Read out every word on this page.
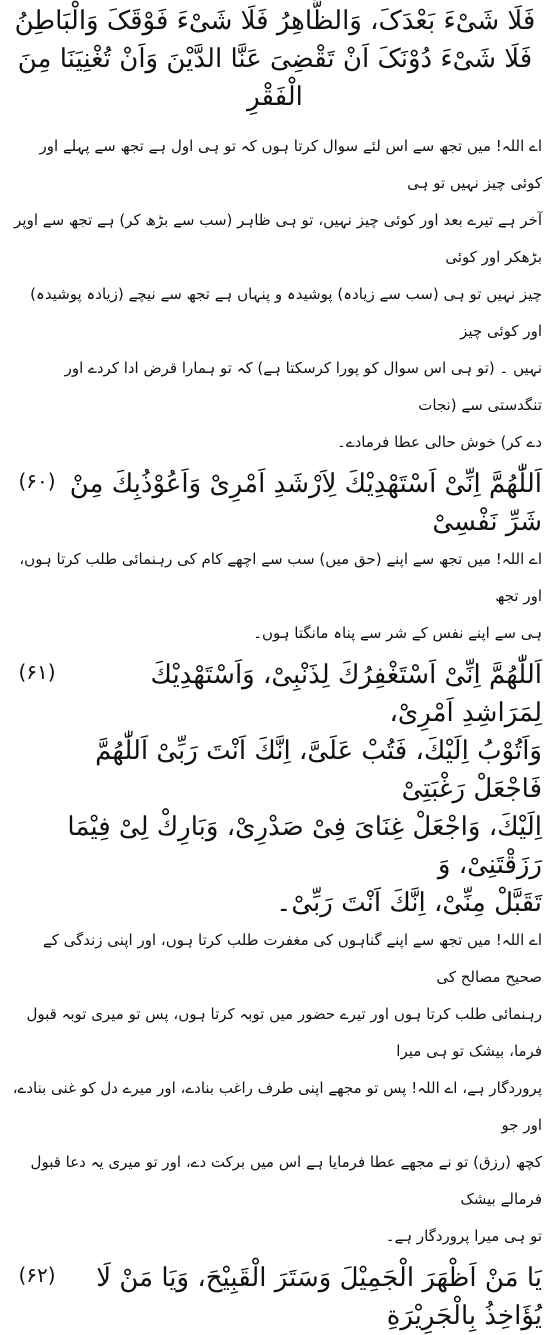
فَلَا شَیْءَ بَعْدَکَ، وَالظَّاهِرُ فَلَا شَیْءَ فَوْقَکَ وَالْبَاطِنُ

فَلَا شَیْءَ دُوْنَکَ اَنْ تَقْضِیَ عَنَّا الدَّیْنَ وَاَنْ تُغْنِیَنَا مِنَ الْفَقْرِ

اے اللہ! میں تجھ سے اس لئے سوال کرتا ہوں کہ تو ہی اول ہے تجھ سے پہلے اور کوئی چیز نہیں تو ہی

آخر ہے تیرے بعد اور کوئی چیز نہیں، تو ہی ظاہر (سب سے بڑھ کر) ہے تجھ سے اوپر بڑھکر اور کوئی

چیز نہیں تو ہی (سب سے زیادہ) پوشیدہ و پنہاں ہے تجھ سے نیچے (زیادہ پوشیدہ) اور کوئی چیز

نہیں ۔ (تو ہی اس سوال کو پورا کرسکتا ہے) کہ تو ہمارا قرض ادا کردے اور تنگدستی سے (نجات

دے کر) خوش حالی عطا فرمادے۔

اَللّٰهُمَّ اِنِّیْ اَسْتَهْدِیْكَ لِاَرْشَدِ اَمْرِیْ وَاَعُوْذُبِكَ مِنْ شَرِّ نَفْسِیْ

(۶۰)

اے اللہ! میں تجھ سے اپنے (حق میں) سب سے اچھے کام کی رہنمائی طلب کرتا ہوں، اور تجھ

ہی سے اپنے نفس کے شر سے پناہ مانگتا ہوں۔

اَللّٰهُمَّ اِنِّیْ اَسْتَغْفِرُكَ لِذَنْبِیْ، وَاَسْتَهْدِیْكَ لِمَرَاشِدِ اَمْرِیْ،

وَاَتُوْبُ اِلَیْكَ، فَتُبْ عَلَیَّ، اِنَّكَ اَنْتَ رَبِّیْ اَللّٰهُمَّ فَاجْعَلْ رَغْبَتِیْ

اِلَیْكَ، وَاجْعَلْ غِنَایَ فِیْ صَدْرِیْ، وَبَارِكْ لِیْ فِیْمَا رَزَقْتَنِیْ، وَ

تَقَبَّلْ مِنِّیْ، اِنَّكَ اَنْتَ رَبِّیْ۔

(۶۱)

اے اللہ! میں تجھ سے اپنے گناہوں کی مغفرت طلب کرتا ہوں، اور اپنی زندگی کے صحیح مصالح کی

رہنمائی طلب کرتا ہوں اور تیرے حضور میں توبہ کرتا ہوں، پس تو میری توبہ قبول فرما، بیشک تو ہی میرا

پروردگار ہے، اے اللہ! پس تو مجھے اپنی طرف راغب بنادے، اور میرے دل کو غنی بنادے، اور جو

کچھ (رزق) تو نے مجھے عطا فرمایا ہے اس میں برکت دے، اور تو میری یہ دعا قبول فرمالے بیشک

تو ہی میرا پروردگار ہے۔

یَا مَنْ اَظْهَرَ الْجَمِیْلَ وَسَتَرَ الْقَبِیْحَ، وَیَا مَنْ لَا یُؤَاخِذُ بِالْجَرِیْرَةِ

(۶۲)
